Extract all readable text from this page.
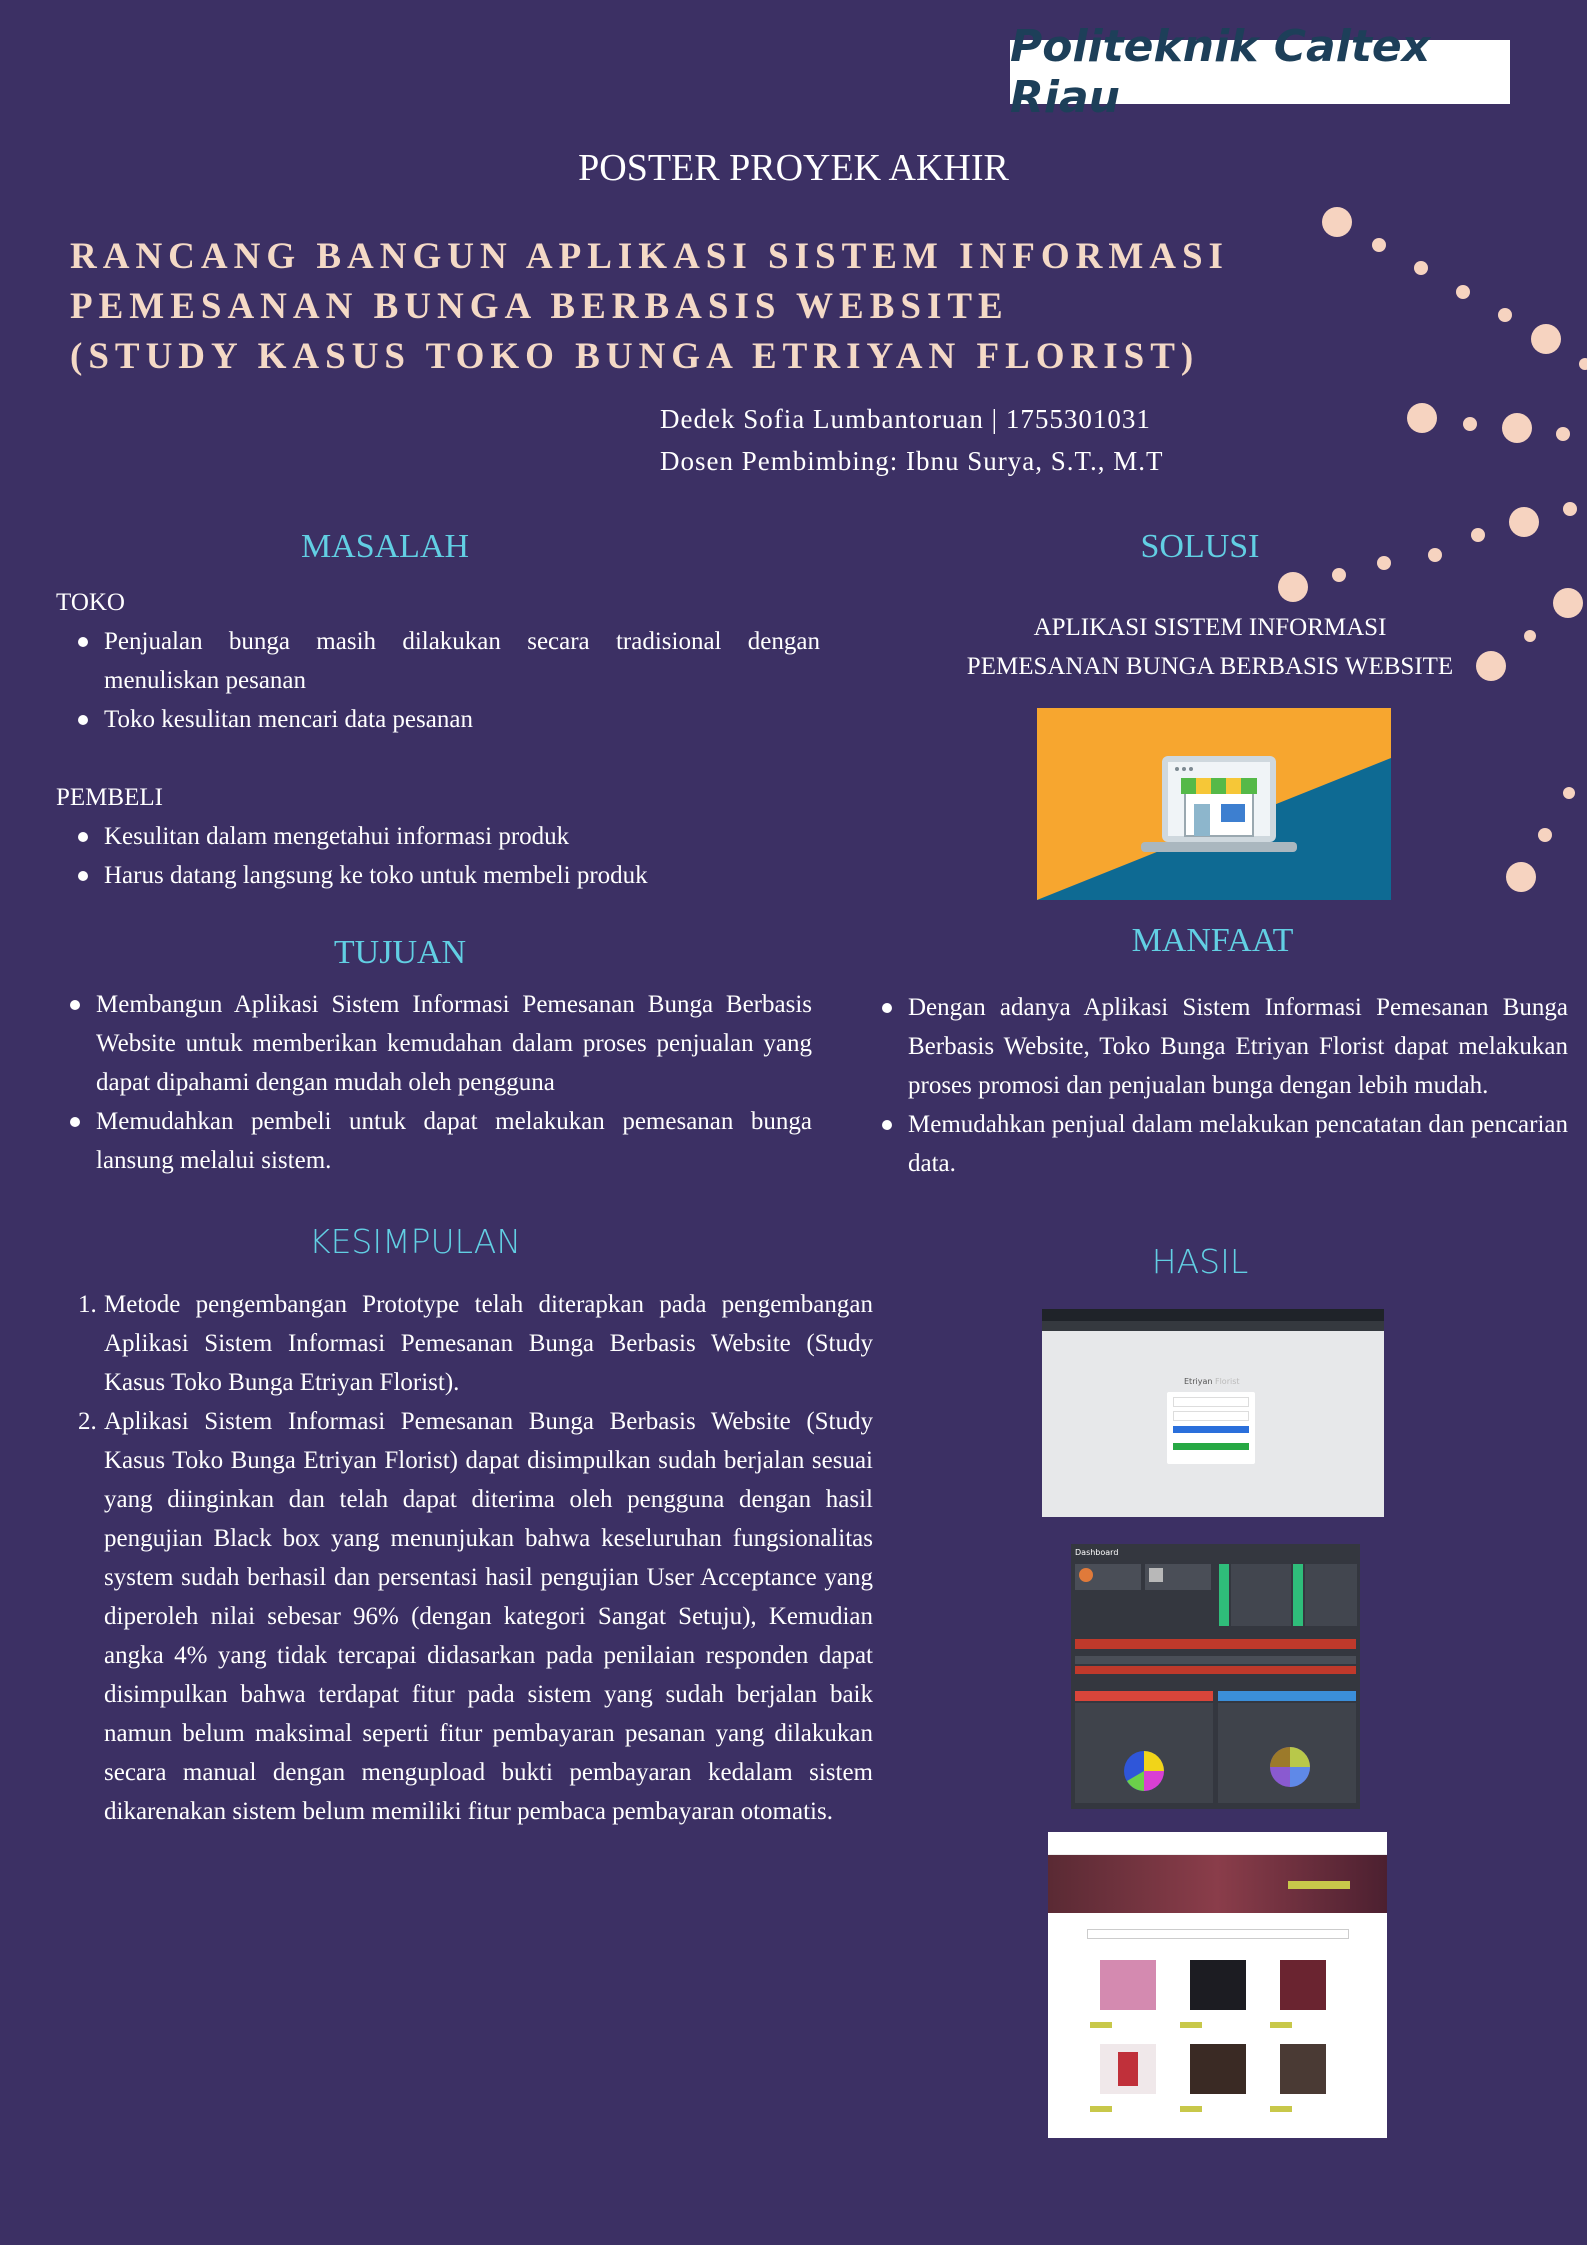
Politeknik Caltex Riau
POSTER PROYEK AKHIR
RANCANG BANGUN APLIKASI SISTEM INFORMASI
PEMESANAN BUNGA BERBASIS WEBSITE
(STUDY KASUS TOKO BUNGA ETRIYAN FLORIST)
Dedek Sofia Lumbantoruan | 1755301031
Dosen Pembimbing: Ibnu Surya, S.T., M.T
MASALAH
TOKO
Penjualan bunga masih dilakukan secara tradisional dengan menuliskan pesanan
Toko kesulitan mencari data pesanan
PEMBELI
Kesulitan dalam mengetahui informasi produk
Harus datang langsung ke toko untuk membeli produk
TUJUAN
Membangun Aplikasi Sistem Informasi Pemesanan Bunga Berbasis Website untuk memberikan kemudahan dalam proses penjualan yang dapat dipahami dengan mudah oleh pengguna
Memudahkan pembeli untuk dapat melakukan pemesanan bunga lansung melalui sistem.
KESIMPULAN
1. Metode pengembangan Prototype telah diterapkan pada pengembangan Aplikasi Sistem Informasi Pemesanan Bunga Berbasis Website (Study Kasus Toko Bunga Etriyan Florist).
2. Aplikasi Sistem Informasi Pemesanan Bunga Berbasis Website (Study Kasus Toko Bunga Etriyan Florist) dapat disimpulkan sudah berjalan sesuai yang diinginkan dan telah dapat diterima oleh pengguna dengan hasil pengujian Black box yang menunjukan bahwa keseluruhan fungsionalitas system sudah berhasil dan persentasi hasil pengujian User Acceptance yang diperoleh nilai sebesar 96% (dengan kategori Sangat Setuju), Kemudian angka 4% yang tidak tercapai didasarkan pada penilaian responden dapat disimpulkan bahwa terdapat fitur pada sistem yang sudah berjalan baik namun belum maksimal seperti fitur pembayaran pesanan yang dilakukan secara manual dengan mengupload bukti pembayaran kedalam sistem dikarenakan sistem belum memiliki fitur pembaca pembayaran otomatis.
SOLUSI
APLIKASI SISTEM INFORMASI
PEMESANAN BUNGA BERBASIS WEBSITE
MANFAAT
Dengan adanya Aplikasi Sistem Informasi Pemesanan Bunga Berbasis Website, Toko Bunga Etriyan Florist dapat melakukan proses promosi dan penjualan bunga dengan lebih mudah.
Memudahkan penjual dalam melakukan pencatatan dan pencarian data.
HASIL
Etriyan Florist
Dashboard
